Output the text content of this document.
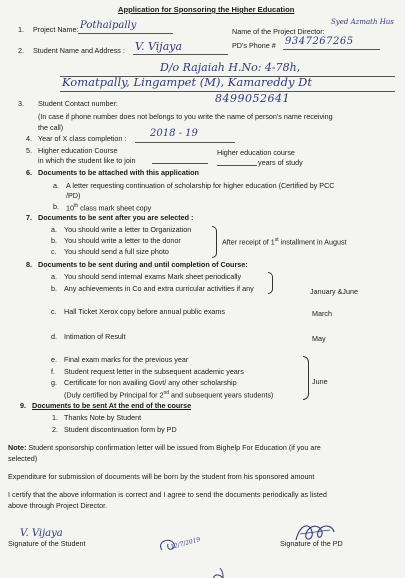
Application for Sponsoring the Higher Education
1. Project Name: Pothaipally
Name of the Project Director:
Syed Azmath Hus
PD's Phone # 9347267265
2. Student Name and Address : V. Vijaya
D/o Rajaiah H.No: 4-78h,
Komatpally, Lingampet (M), Kamareddy Dt
3. Student Contact number:	8499052641
(In case if phone number does not belongs to you write the name of person's name receiving
the call)
4. Year of X class completion : 2018 - 19
5. Higher education Course
in which the student like to join
Higher education course
years of study
6. Documents to be attached with this application
a. A letter requesting continuation of scholarship for higher education (Certified by PCC
/PD)
b. 10th class mark sheet copy
7. Documents to be sent after you are selected :
a. You should write a letter to Organization
b. You should write a letter to the donor
c. You should send a full size photo
After receipt of 1st installment in August
8. Documents to be sent during and until completion of Course:
a. You should send internal exams Mark sheet periodically
b. Any achievements in Co and extra curricular activities if any	January &June
c. Hall Ticket Xerox copy before annual public exams	March
d. Intimation of Result	May
e. Final exam marks for the previous year
f. Student request letter in the subsequent academic years
g. Certificate for non availing Govt/ any other scholarship
(Duly certified by Principal for 2nd and subsequent years students)
June
9. Documents to be sent At the end of the course
1. Thanks Note by Student
2. Student discontinuation form by PD
Note: Student sponsorship confirmation letter will be issued from Bighelp For Education (if you are
selected)
Expenditure for submission of documents will be born by the student from his sponsored amount
I certify that the above information is correct and I agree to send the documents periodically as listed
above through Project Director.
V. Vijaya
Signature of the Student	12/7/2019	Signature of the PD
